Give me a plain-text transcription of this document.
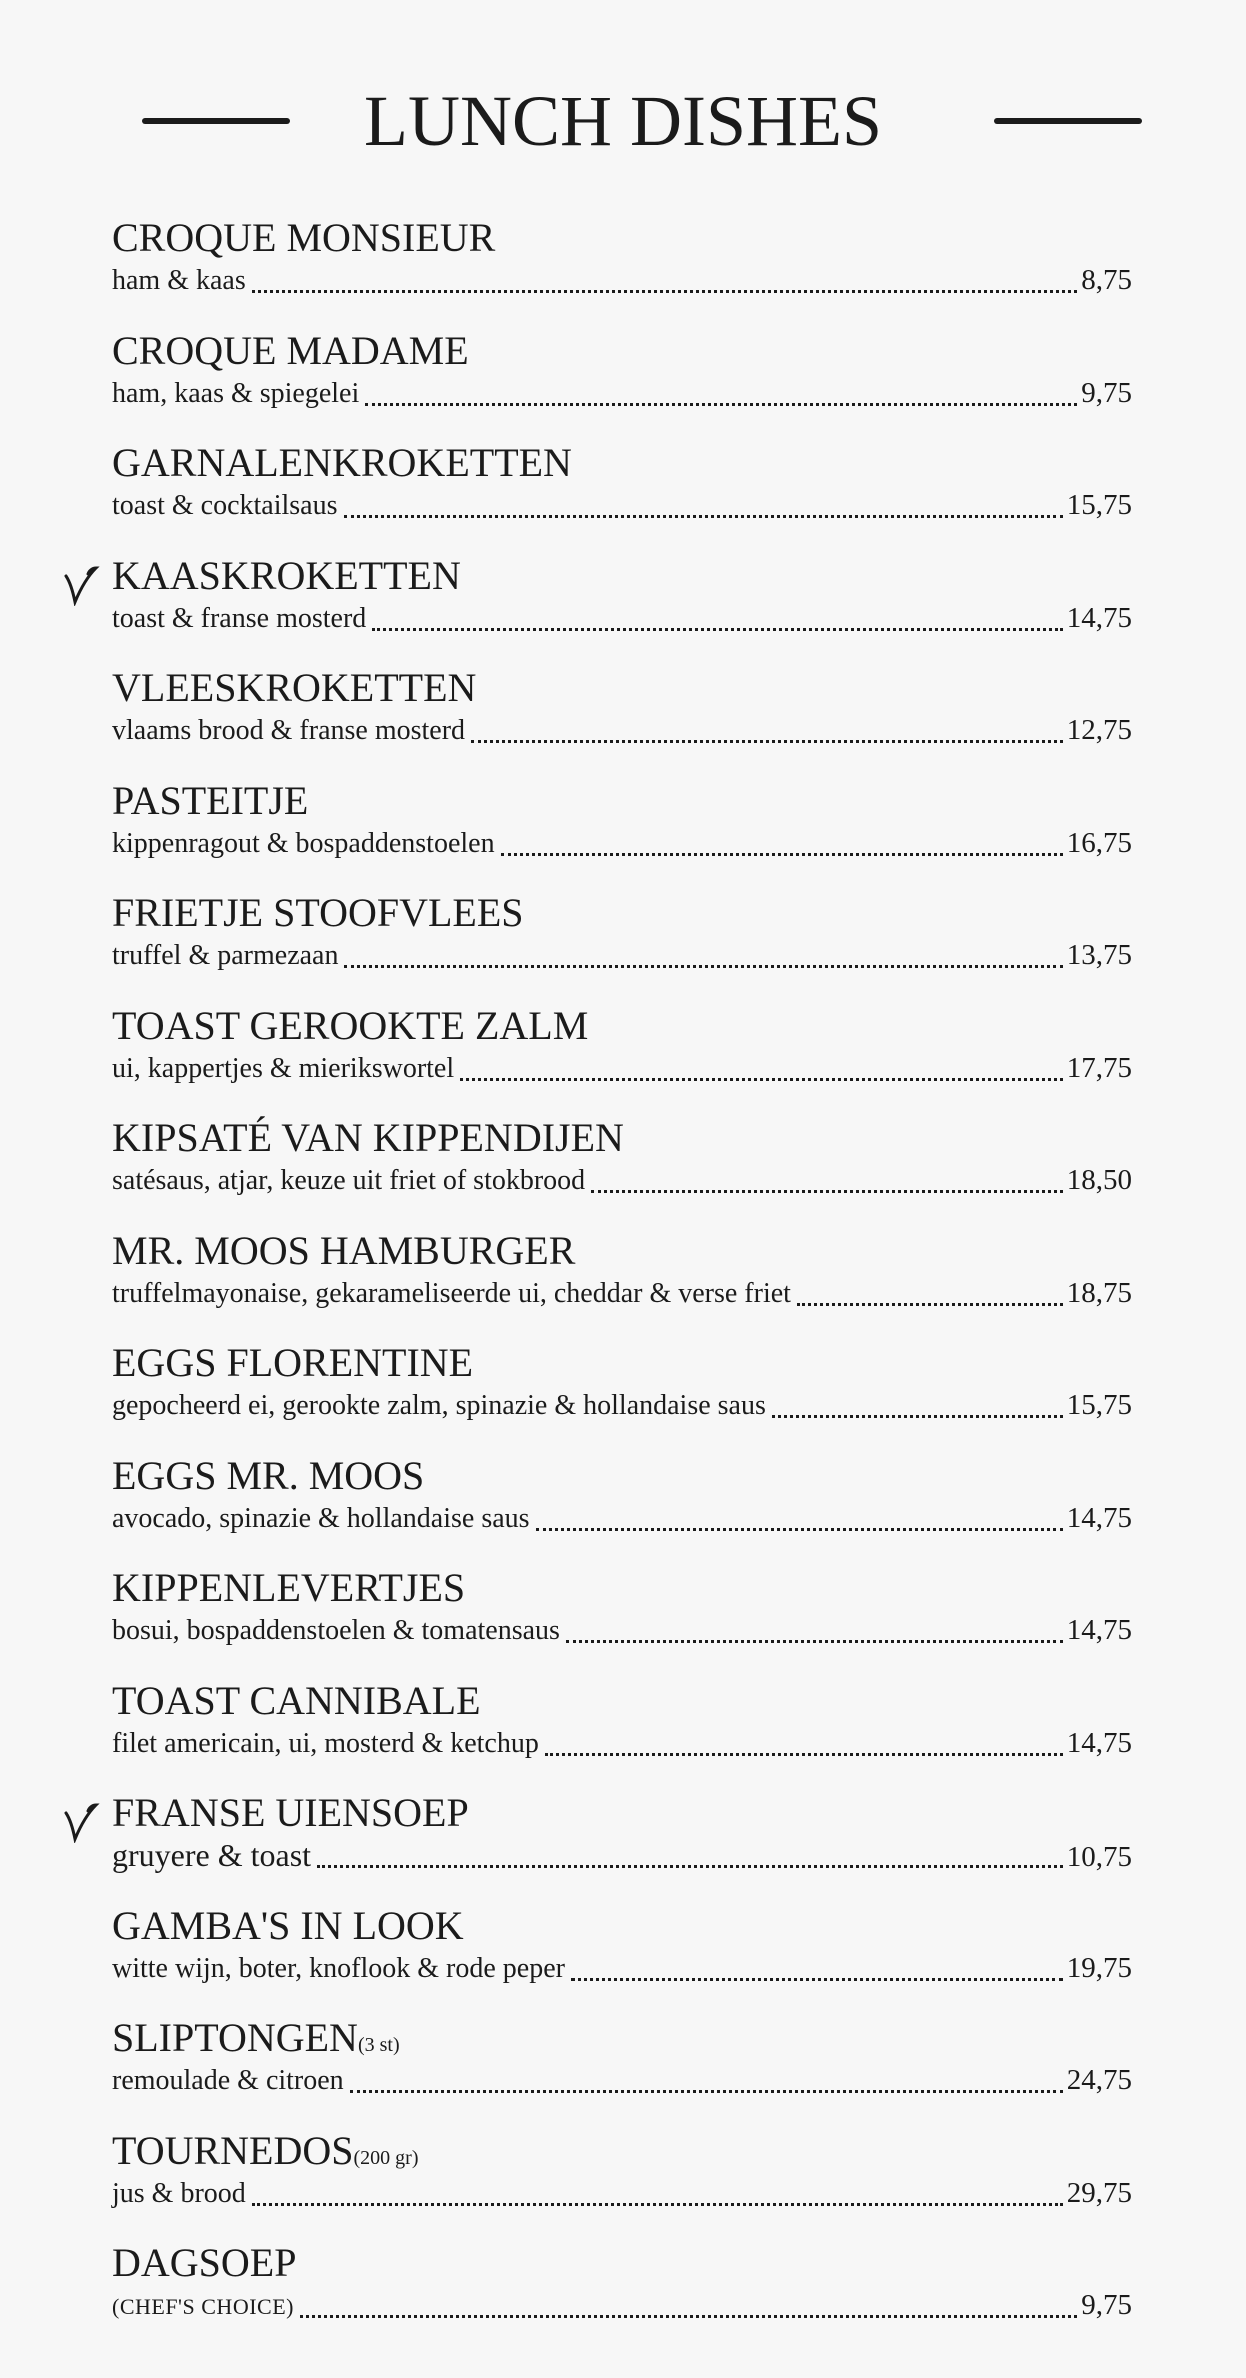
LUNCH DISHES
CROQUE MONSIEUR
ham & kaas	8,75
CROQUE MADAME
ham, kaas & spiegelei	9,75
GARNALENKROKETTEN
toast & cocktailsaus	15,75
KAASKROKETTEN
toast & franse mosterd	14,75
VLEESKROKETTEN
vlaams brood & franse mosterd	12,75
PASTEITJE
kippenragout & bospaddenstoelen	16,75
FRIETJE STOOFVLEES
truffel & parmezaan	13,75
TOAST GEROOKTE ZALM
ui, kappertjes & mierikswortel	17,75
KIPSATÉ VAN KIPPENDIJEN
satésaus, atjar, keuze uit friet of stokbrood	18,50
MR. MOOS HAMBURGER
truffelmayonaise, gekarameliseerde ui, cheddar & verse friet	18,75
EGGS FLORENTINE
gepocheerd ei, gerookte zalm, spinazie & hollandaise saus	15,75
EGGS MR. MOOS
avocado, spinazie & hollandaise saus	14,75
KIPPENLEVERTJES
bosui, bospaddenstoelen & tomatensaus	14,75
TOAST CANNIBALE
filet americain, ui, mosterd & ketchup	14,75
FRANSE UIENSOEP
gruyere & toast	10,75
GAMBA'S IN LOOK
witte wijn, boter, knoflook & rode peper	19,75
SLIPTONGEN(3 st)
remoulade & citroen	24,75
TOURNEDOS(200 gr)
jus & brood	29,75
DAGSOEP
(CHEF'S CHOICE)	9,75
